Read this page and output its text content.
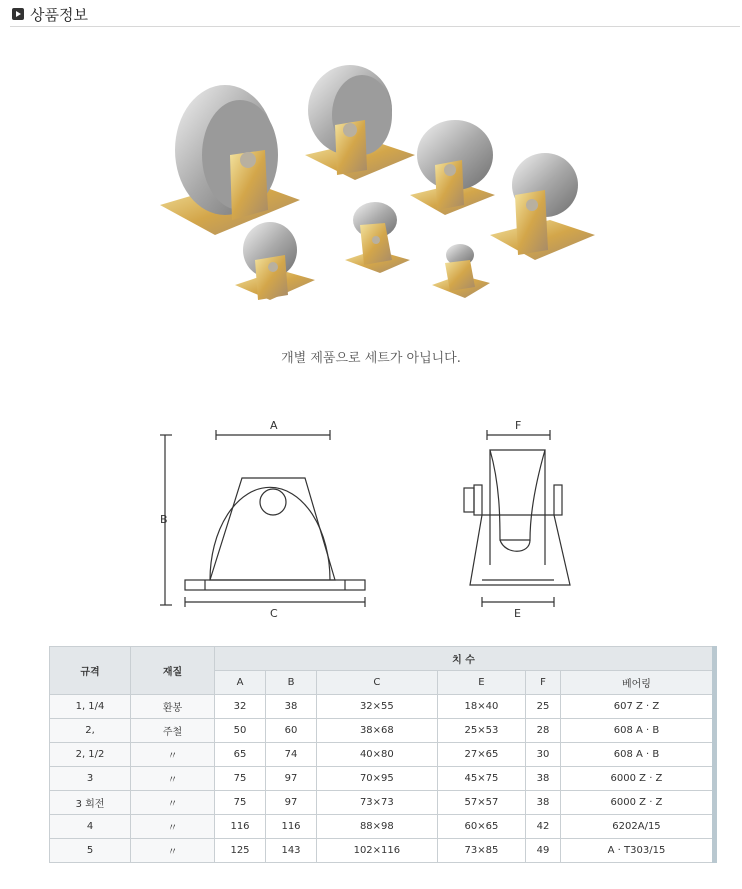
상품정보
개별 제품으로 세트가 아닙니다.
A
B
C
F
E
규격	재질	치 수					
		A	B	C	E	F	베어링
1, 1/4	환봉	32	38	32×55	18×40	25	607 Z · Z
2,	주철	50	60	38×68	25×53	28	608 A · B
2, 1/2	〃	65	74	40×80	27×65	30	608 A · B
3	〃	75	97	70×95	45×75	38	6000 Z · Z
3 회전	〃	75	97	73×73	57×57	38	6000 Z · Z
4	〃	116	116	88×98	60×65	42	6202A/15
5	〃	125	143	102×116	73×85	49	A · T303/15
